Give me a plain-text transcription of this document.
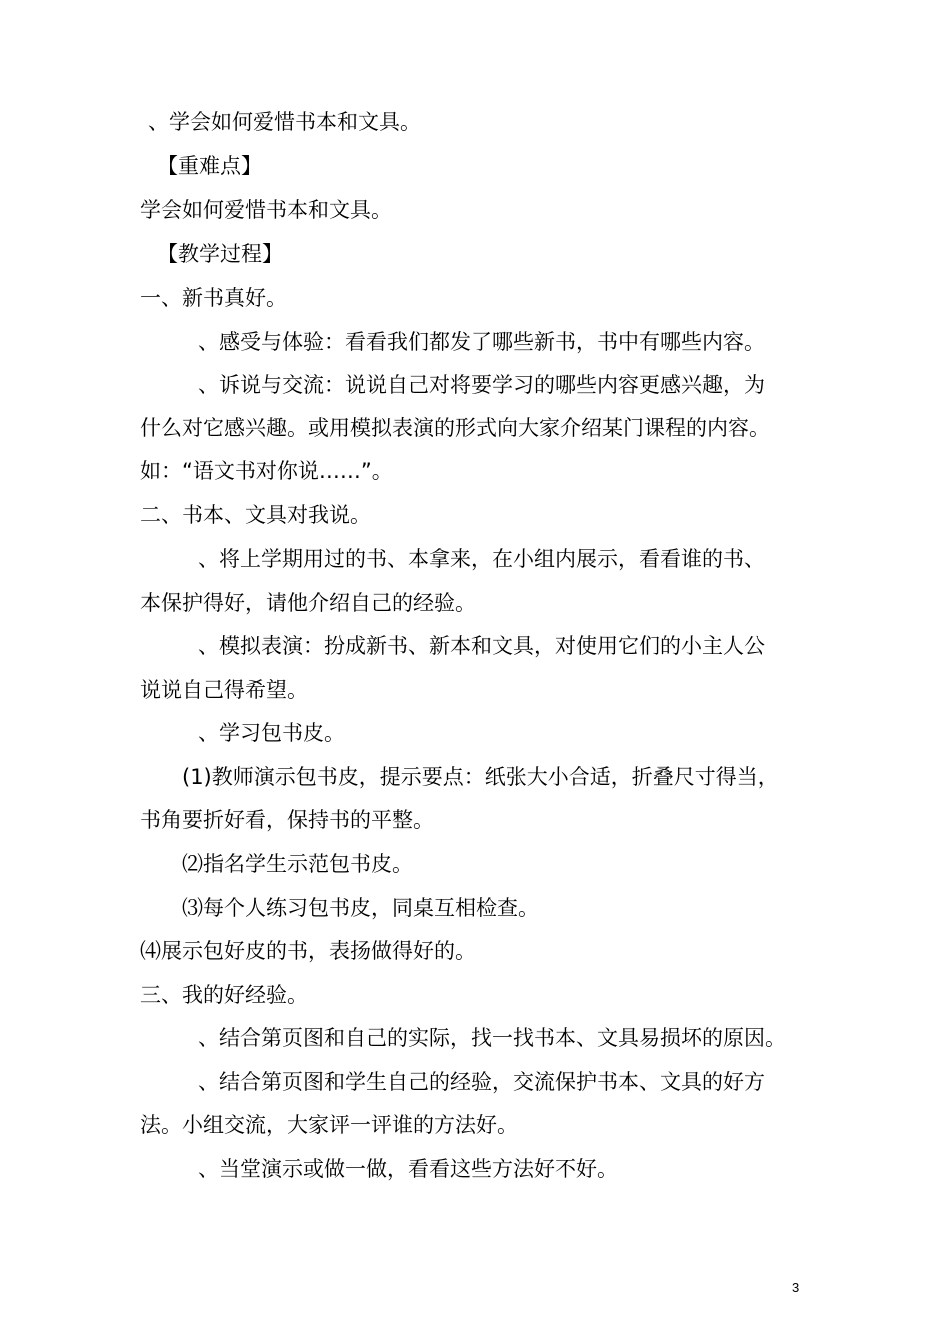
、学会如何爱惜书本和文具。
【重难点】
学会如何爱惜书本和文具。
【教学过程】
一、新书真好。
、感受与体验：看看我们都发了哪些新书，书中有哪些内容。
、诉说与交流：说说自己对将要学习的哪些内容更感兴趣，为
什么对它感兴趣。或用模拟表演的形式向大家介绍某门课程的内容。
如：“语文书对你说……”。
二、书本、文具对我说。
、将上学期用过的书、本拿来，在小组内展示，看看谁的书、
本保护得好，请他介绍自己的经验。
、模拟表演：扮成新书、新本和文具，对使用它们的小主人公
说说自己得希望。
、学习包书皮。
(1)教师演示包书皮，提示要点：纸张大小合适，折叠尺寸得当，
书角要折好看，保持书的平整。
⑵指名学生示范包书皮。
⑶每个人练习包书皮，同桌互相检查。
⑷展示包好皮的书，表扬做得好的。
三、我的好经验。
、结合第页图和自己的实际，找一找书本、文具易损坏的原因。
、结合第页图和学生自己的经验，交流保护书本、文具的好方
法。小组交流，大家评一评谁的方法好。
、当堂演示或做一做，看看这些方法好不好。
3
